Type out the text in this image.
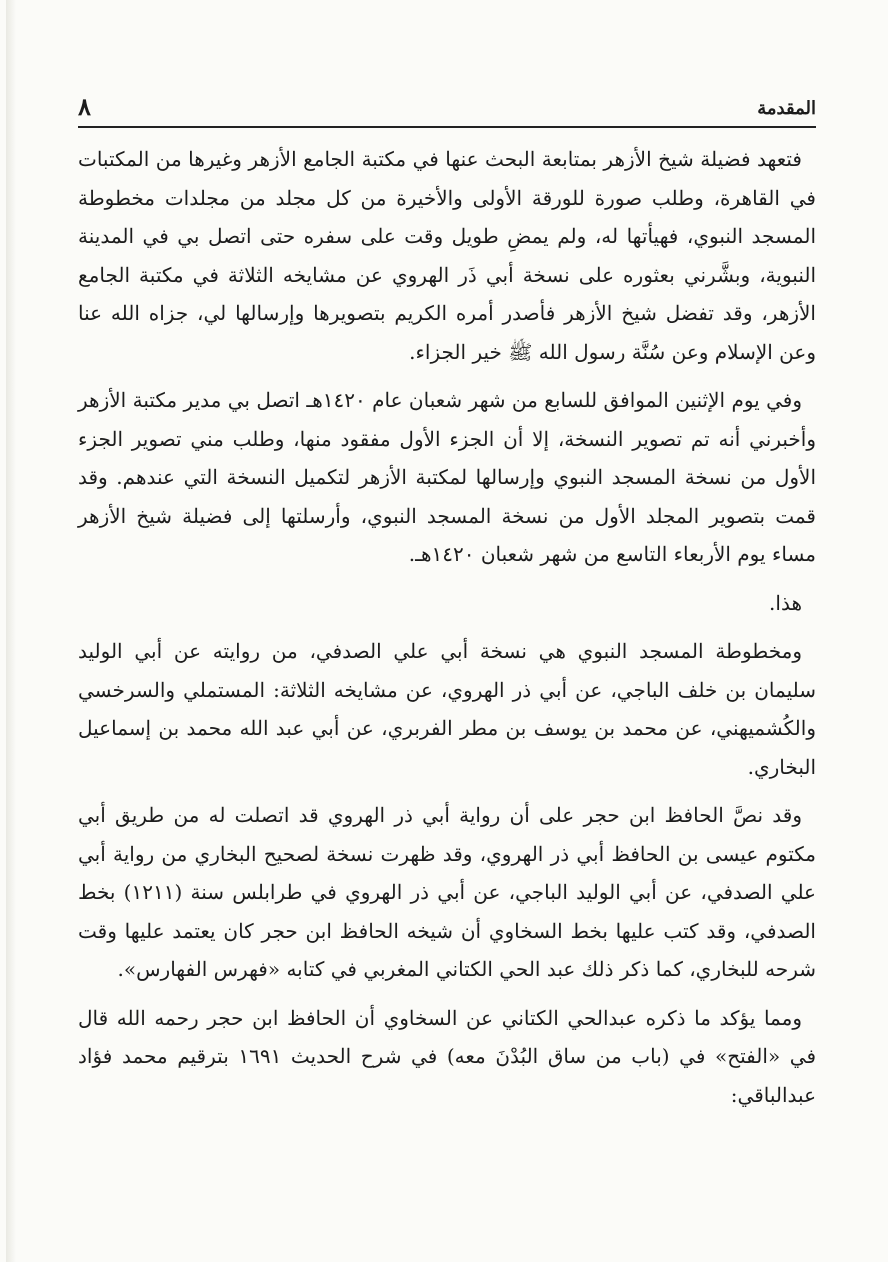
المقدمة
٨

فتعهد فضيلة شيخ الأزهر بمتابعة البحث عنها في مكتبة الجامع الأزهر وغيرها من المكتبات في القاهرة، وطلب صورة للورقة الأولى والأخيرة من كل مجلد من مجلدات مخطوطة المسجد النبوي، فهيأتها له، ولم يمضِ طويل وقت على سفره حتى اتصل بي في المدينة النبوية، وبشَّرني بعثوره على نسخة أبي ذَر الهروي عن مشايخه الثلاثة في مكتبة الجامع الأزهر، وقد تفضل شيخ الأزهر فأصدر أمره الكريم بتصويرها وإرسالها لي، جزاه الله عنا وعن الإسلام وعن سُنَّة رسول الله ﷺ خير الجزاء.

وفي يوم الإثنين الموافق للسابع من شهر شعبان عام ١٤٢٠هـ اتصل بي مدير مكتبة الأزهر وأخبرني أنه تم تصوير النسخة، إلا أن الجزء الأول مفقود منها، وطلب مني تصوير الجزء الأول من نسخة المسجد النبوي وإرسالها لمكتبة الأزهر لتكميل النسخة التي عندهم. وقد قمت بتصوير المجلد الأول من نسخة المسجد النبوي، وأرسلتها إلى فضيلة شيخ الأزهر مساء يوم الأربعاء التاسع من شهر شعبان ١٤٢٠هـ.

هذا.

ومخطوطة المسجد النبوي هي نسخة أبي علي الصدفي، من روايته عن أبي الوليد سليمان بن خلف الباجي، عن أبي ذر الهروي، عن مشايخه الثلاثة: المستملي والسرخسي والكُشميهني، عن محمد بن يوسف بن مطر الفربري، عن أبي عبد الله محمد بن إسماعيل البخاري.

وقد نصَّ الحافظ ابن حجر على أن رواية أبي ذر الهروي قد اتصلت له من طريق أبي مكتوم عيسى بن الحافظ أبي ذر الهروي، وقد ظهرت نسخة لصحيح البخاري من رواية أبي علي الصدفي، عن أبي الوليد الباجي، عن أبي ذر الهروي في طرابلس سنة (١٢١١) بخط الصدفي، وقد كتب عليها بخط السخاوي أن شيخه الحافظ ابن حجر كان يعتمد عليها وقت شرحه للبخاري، كما ذكر ذلك عبد الحي الكتاني المغربي في كتابه «فهرس الفهارس».

ومما يؤكد ما ذكره عبدالحي الكتاني عن السخاوي أن الحافظ ابن حجر رحمه الله قال في «الفتح» في (باب من ساق البُدْنَ معه) في شرح الحديث ١٦٩١ بترقيم محمد فؤاد عبدالباقي:
